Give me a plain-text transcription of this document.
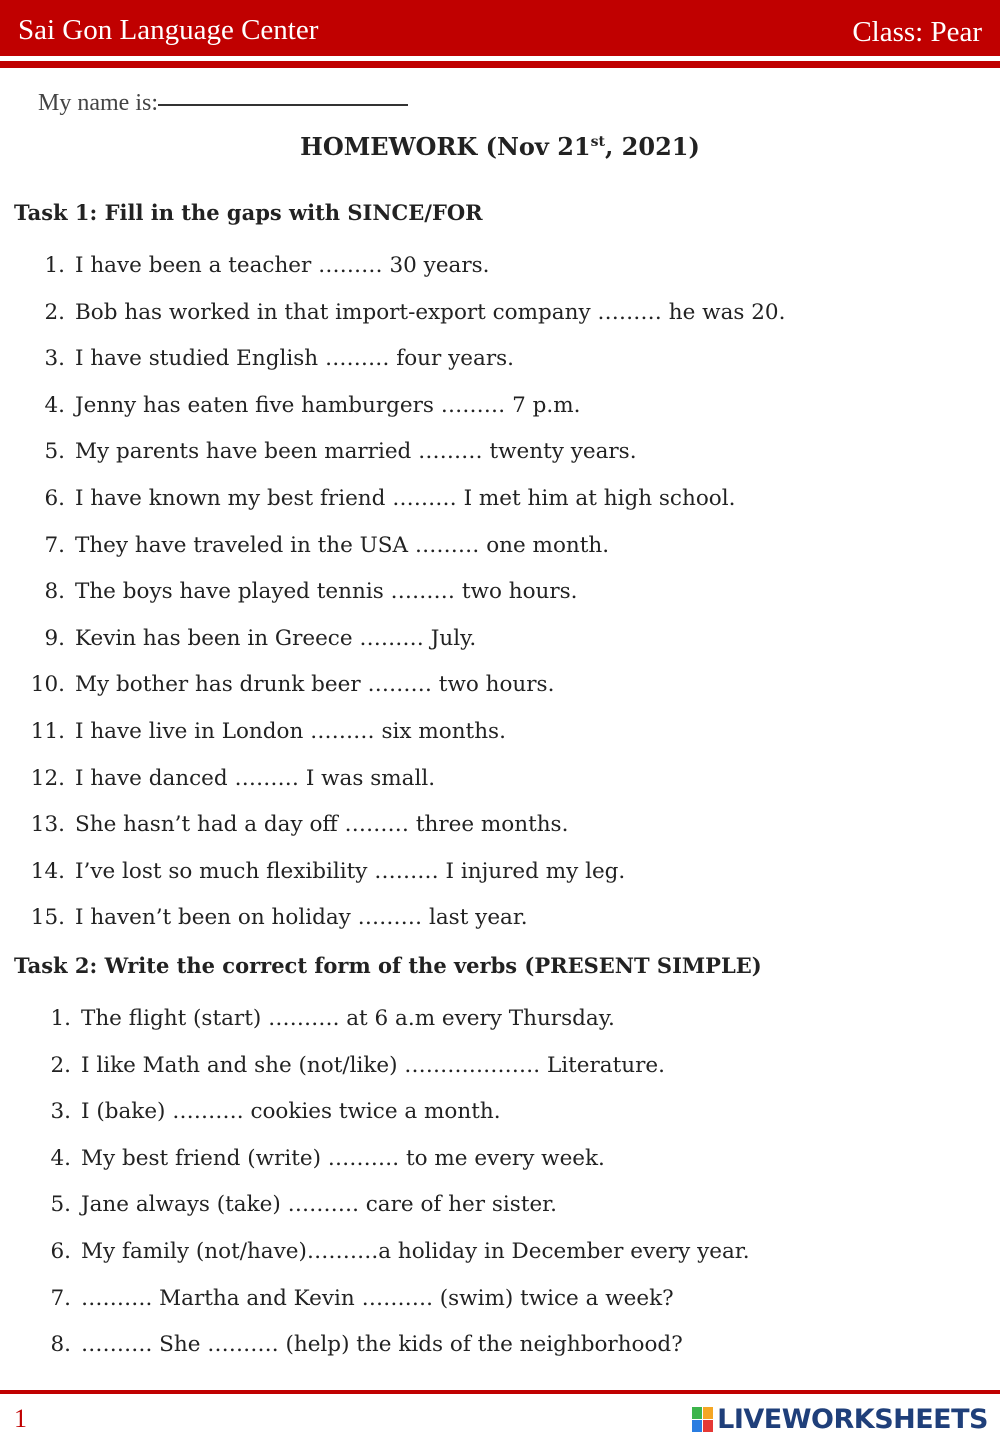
Sai Gon Language Center	Class: Pear
My name is:
HOMEWORK (Nov 21st, 2021)
Task 1: Fill in the gaps with SINCE/FOR
1. I have been a teacher ……… 30 years.
2. Bob has worked in that import-export company ……… he was 20.
3. I have studied English ……… four years.
4. Jenny has eaten five hamburgers ……… 7 p.m.
5. My parents have been married ……… twenty years.
6. I have known my best friend ……… I met him at high school.
7. They have traveled in the USA ……… one month.
8. The boys have played tennis ……… two hours.
9. Kevin has been in Greece ……… July.
10. My bother has drunk beer ……… two hours.
11. I have live in London ……… six months.
12. I have danced ……… I was small.
13. She hasn’t had a day off ……… three months.
14. I’ve lost so much flexibility ……… I injured my leg.
15. I haven’t been on holiday ……… last year.
Task 2: Write the correct form of the verbs (PRESENT SIMPLE)
1. The flight (start) ………. at 6 a.m every Thursday.
2. I like Math and she (not/like) ………………. Literature.
3. I (bake) ………. cookies twice a month.
4. My best friend (write) ………. to me every week.
5. Jane always (take) ………. care of her sister.
6. My family (not/have)……….a holiday in December every year.
7. ………. Martha and Kevin ………. (swim) twice a week?
8. ………. She ………. (help) the kids of the neighborhood?
1	LIVEWORKSHEETS
